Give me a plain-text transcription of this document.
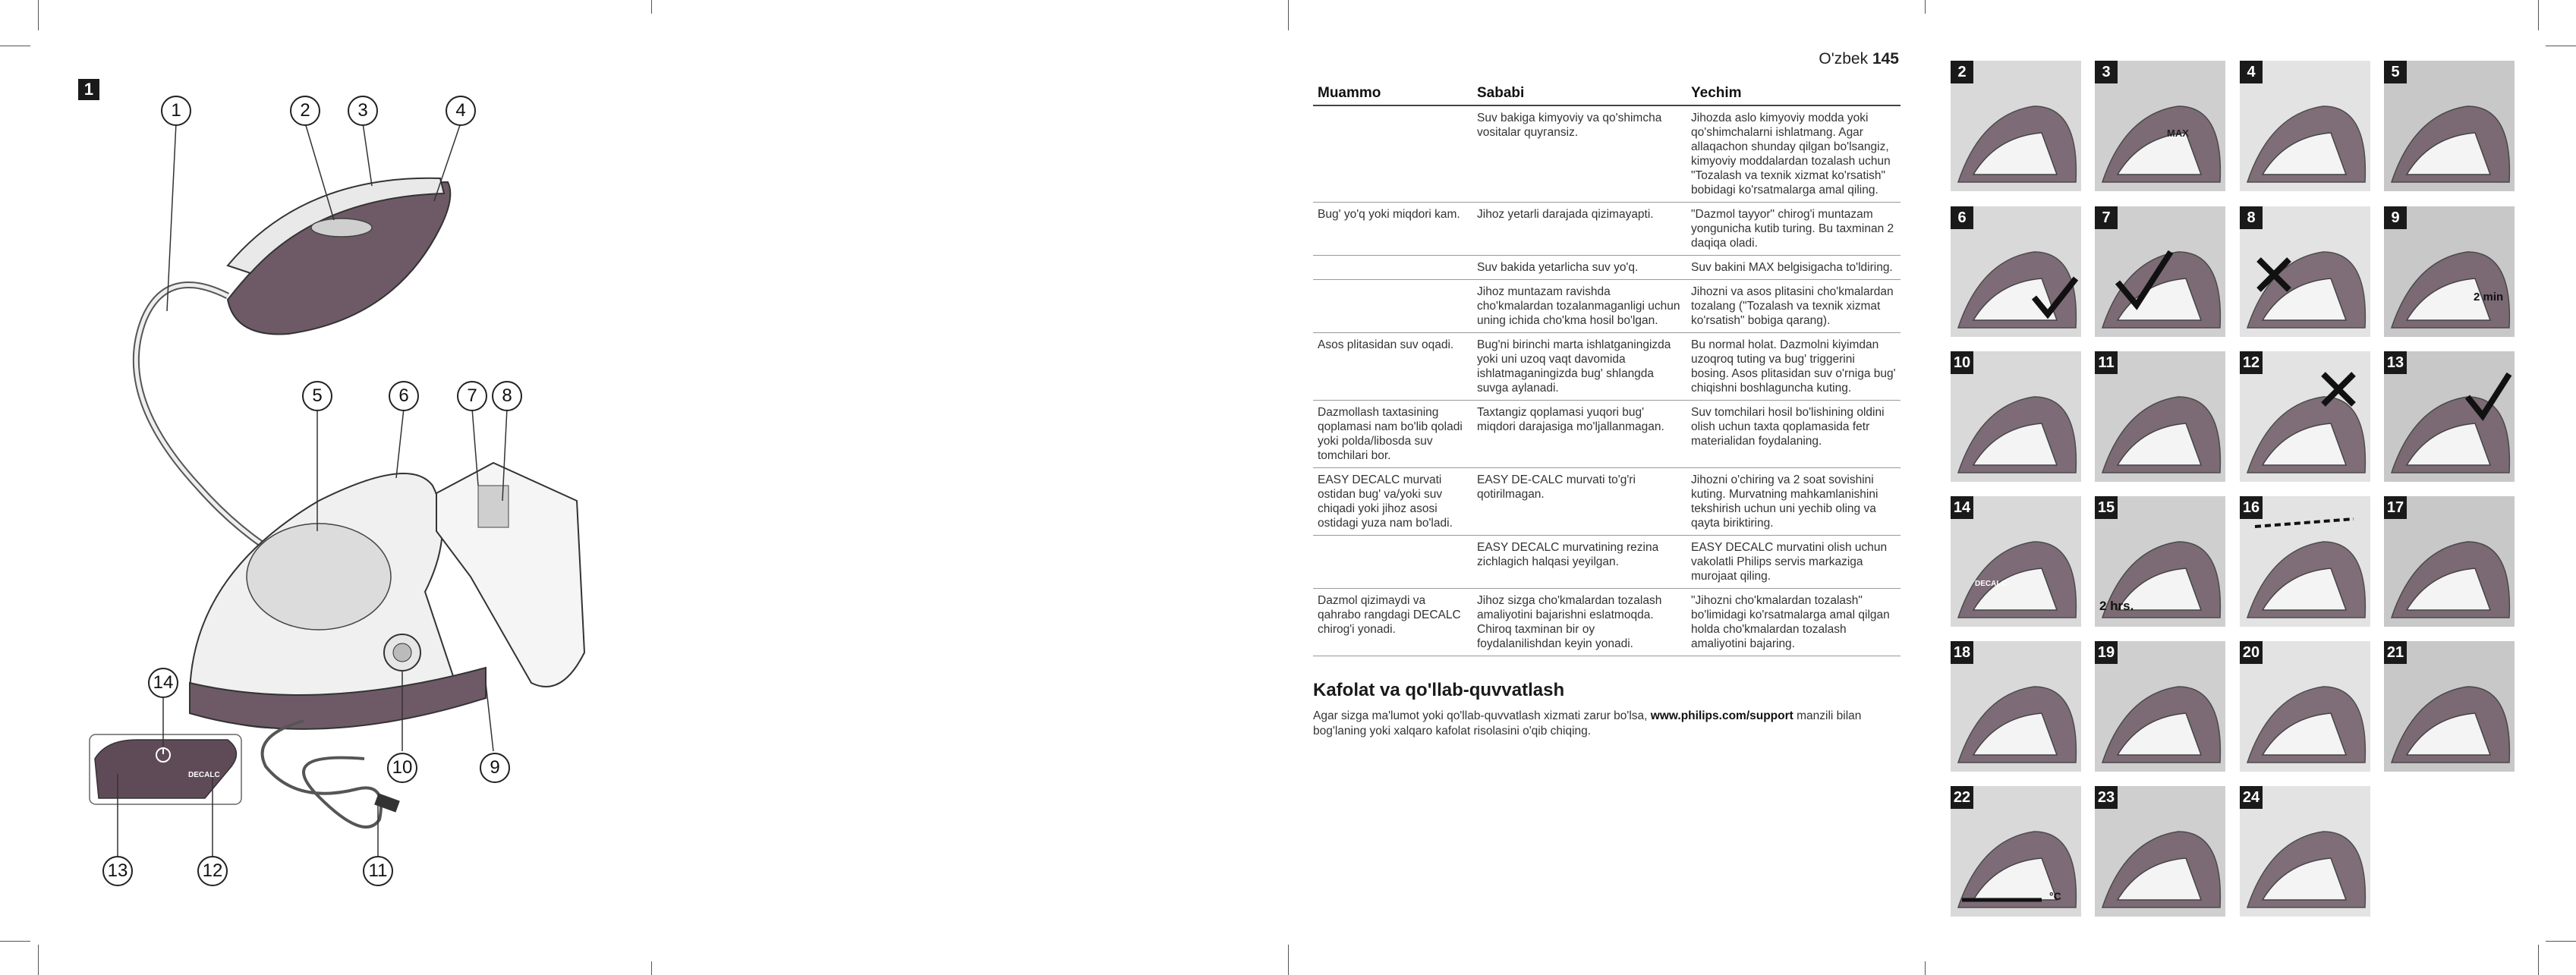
1
1	2	3	4
5	6	7	8
9
10
11
12
13
14
DECALC
O'zbek 145
Muammo	Sababi	Yechim
	Suv bakiga kimyoviy va qo'shimcha vositalar quyгansiz.	Jihozda aslo kimyoviy modda yoki qo'shimchalarni ishlatmang. Agar allaqachon shunday qilgan bo'lsangiz, kimyoviy moddalardan tozalash uchun "Tozalash va texnik xizmat ko'rsatish" bobidagi ko'rsatmalarga amal qiling.
Bug' yo'q yoki miqdori kam.	Jihoz yetarli darajada qizimayapti.	"Dazmol tayyor" chirog'i muntazam yongunicha kutib turing. Bu taxminan 2 daqiqa oladi.
	Suv bakida yetarlicha suv yo'q.	Suv bakini MAX belgisigacha to'ldiring.
	Jihoz muntazam ravishda cho'kmalardan tozalanmaganligi uchun uning ichida cho'kma hosil bo'lgan.	Jihozni va asos plitasini cho'kmalardan tozalang ("Tozalash va texnik xizmat ko'rsatish" bobiga qarang).
Asos plitasidan suv oqadi.	Bug'ni birinchi marta ishlatganingizda yoki uni uzoq vaqt davomida ishlatmaganingizda bug' shlangda suvga aylanadi.	Bu normal holat. Dazmolni kiyimdan uzoqroq tuting va bug' triggerini bosing. Asos plitasidan suv o'rniga bug' chiqishni boshlaguncha kuting.
Dazmollash taxtasining qoplamasi nam bo'lib qoladi yoki polda/libosda suv tomchilari bor.	Taxtangiz qoplamasi yuqori bug' miqdori darajasiga mo'ljallanmagan.	Suv tomchilari hosil bo'lishining oldini olish uchun taxta qoplamasida fetr materialidan foydalaning.
EASY DECALC murvati ostidan bug' va/yoki suv chiqadi yoki jihoz asosi ostidagi yuza nam bo'ladi.	EASY DE-CALC murvati to'g'ri qotirilmagan.	Jihozni o'chiring va 2 soat sovishini kuting. Murvatning mahkamlanishini tekshirish uchun uni yechib oling va qayta biriktiring.
	EASY DECALC murvatining rezina zichlagich halqasi yeyilgan.	EASY DECALC murvatini olish uchun vakolatli Philips servis markaziga murojaat qiling.
Dazmol qizimaydi va qahrabo rangdagi DECALC chirog'i yonadi.	Jihoz sizga cho'kmalardan tozalash amaliyotini bajarishni eslatmoqda. Chiroq taxminan bir oy foydalanilishdan keyin yonadi.	"Jihozni cho'kmalardan tozalash" bo'limidagi ko'rsatmalarga amal qilgan holda cho'kmalardan tozalash amaliyotini bajaring.
Kafolat va qo'llab-quvvatlash
Agar sizga ma'lumot yoki qo'llab-quvvatlash xizmati zarur bo'lsa, www.philips.com/support manzili bilan bog'laning yoki xalqaro kafolat risolasini o'qib chiqing.
2	3
MAX
4	5
6	7	8	9
2 min
10	11	12	13
14
DECALC
15
2 hrs.
16	17
18	19	20	21
22
°C
23	24
